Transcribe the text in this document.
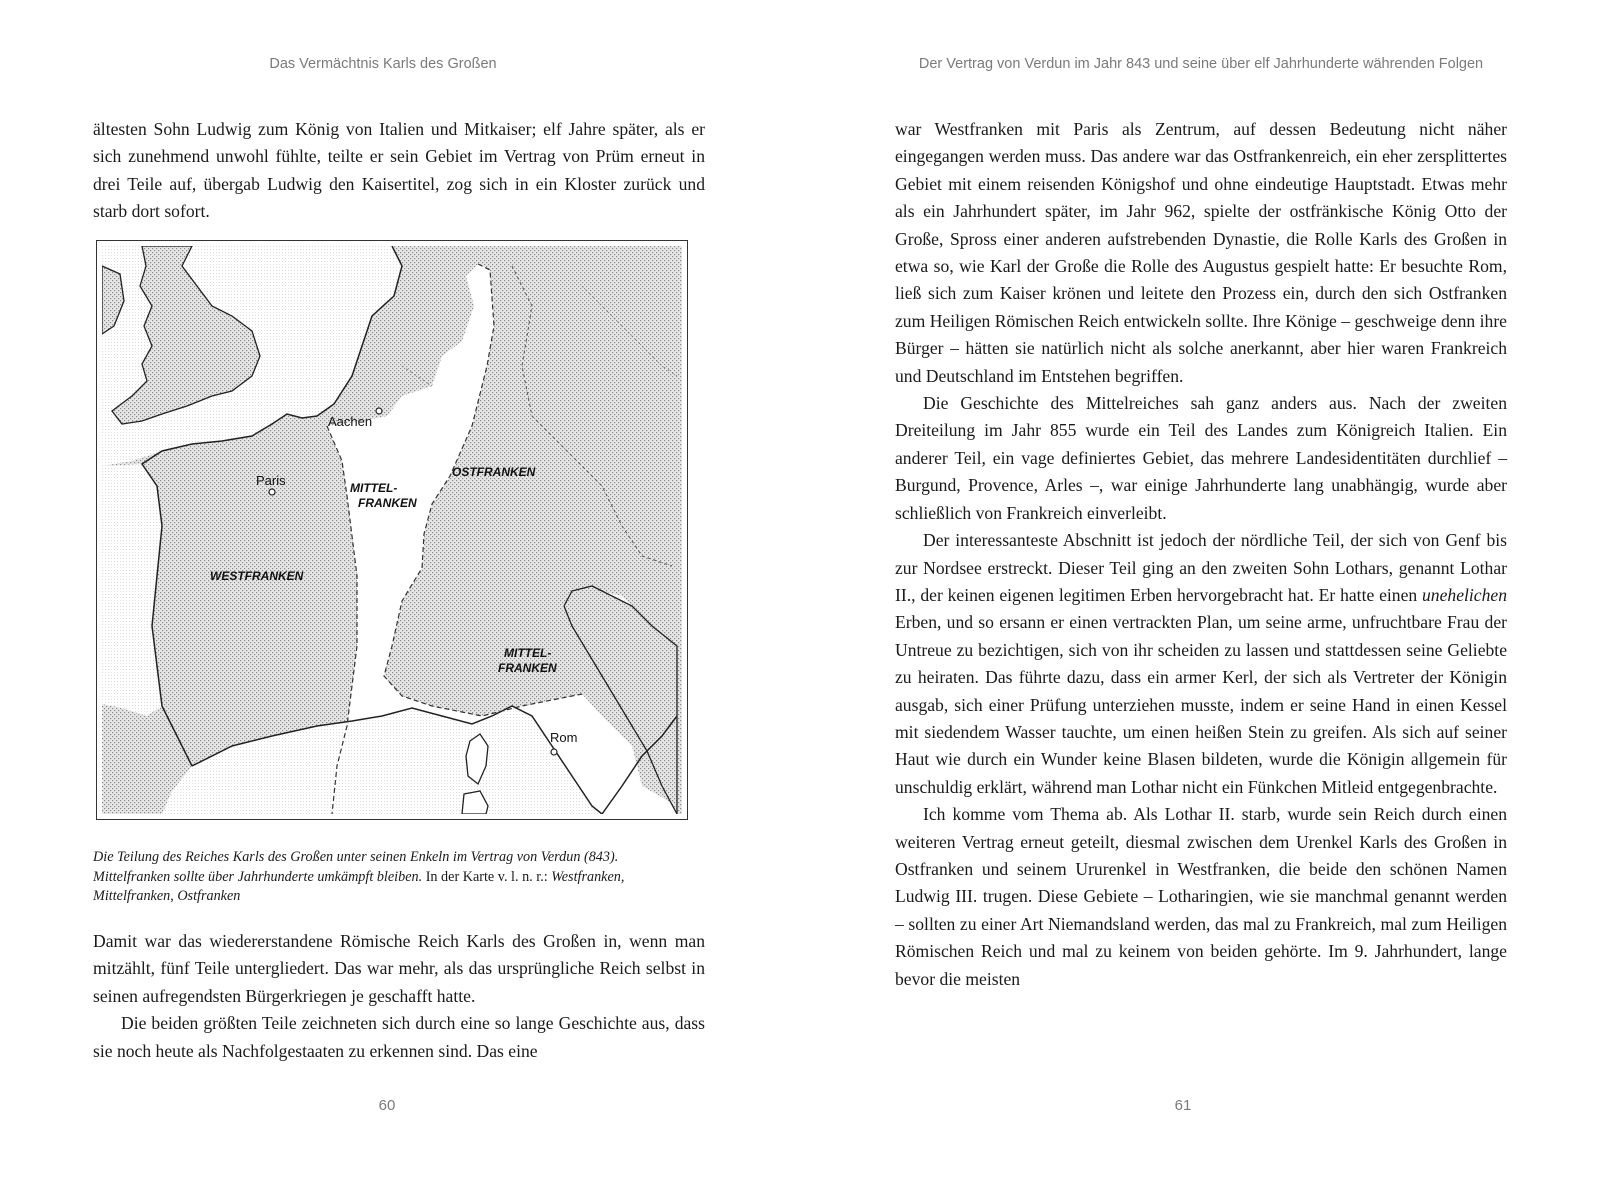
Das Vermächtnis Karls des Großen

ältesten Sohn Ludwig zum König von Italien und Mitkaiser; elf Jahre später, als er sich zunehmend unwohl fühlte, teilte er sein Gebiet im Vertrag von Prüm erneut in drei Teile auf, übergab Ludwig den Kaisertitel, zog sich in ein Kloster zurück und starb dort sofort.

Aachen
Paris
Rom
WESTFRANKEN
OSTFRANKEN
MITTEL-
FRANKEN
MITTEL-
FRANKEN
Die Teilung des Reiches Karls des Großen unter seinen Enkeln im Vertrag von Verdun (843). Mittelfranken sollte über Jahrhunderte umkämpft bleiben. In der Karte v. l. n. r.: Westfranken, Mittelfranken, Ostfranken

Damit war das wiedererstandene Römische Reich Karls des Großen in, wenn man mitzählt, fünf Teile untergliedert. Das war mehr, als das ursprüngliche Reich selbst in seinen aufregendsten Bürgerkriegen je geschafft hatte.

Die beiden größten Teile zeichneten sich durch eine so lange Geschichte aus, dass sie noch heute als Nachfolgestaaten zu erkennen sind. Das eine

60
Der Vertrag von Verdun im Jahr 843 und seine über elf Jahrhunderte währenden Folgen

war Westfranken mit Paris als Zentrum, auf dessen Bedeutung nicht näher eingegangen werden muss. Das andere war das Ostfrankenreich, ein eher zersplittertes Gebiet mit einem reisenden Königshof und ohne eindeutige Hauptstadt. Etwas mehr als ein Jahrhundert später, im Jahr 962, spielte der ostfränkische König Otto der Große, Spross einer anderen aufstrebenden Dynastie, die Rolle Karls des Großen in etwa so, wie Karl der Große die Rolle des Augustus gespielt hatte: Er besuchte Rom, ließ sich zum Kaiser krönen und leitete den Prozess ein, durch den sich Ostfranken zum Heiligen Römischen Reich entwickeln sollte. Ihre Könige – geschweige denn ihre Bürger – hätten sie natürlich nicht als solche anerkannt, aber hier waren Frankreich und Deutschland im Entstehen begriffen.

Die Geschichte des Mittelreiches sah ganz anders aus. Nach der zweiten Dreiteilung im Jahr 855 wurde ein Teil des Landes zum Königreich Italien. Ein anderer Teil, ein vage definiertes Gebiet, das mehrere Landesidentitäten durchlief – Burgund, Provence, Arles –, war einige Jahrhunderte lang unabhängig, wurde aber schließlich von Frankreich einverleibt.

Der interessanteste Abschnitt ist jedoch der nördliche Teil, der sich von Genf bis zur Nordsee erstreckt. Dieser Teil ging an den zweiten Sohn Lothars, genannt Lothar II., der keinen eigenen legitimen Erben hervorgebracht hat. Er hatte einen unehelichen Erben, und so ersann er einen vertrackten Plan, um seine arme, unfruchtbare Frau der Untreue zu bezichtigen, sich von ihr scheiden zu lassen und stattdessen seine Geliebte zu heiraten. Das führte dazu, dass ein armer Kerl, der sich als Vertreter der Königin ausgab, sich einer Prüfung unterziehen musste, indem er seine Hand in einen Kessel mit siedendem Wasser tauchte, um einen heißen Stein zu greifen. Als sich auf seiner Haut wie durch ein Wunder keine Blasen bildeten, wurde die Königin allgemein für unschuldig erklärt, während man Lothar nicht ein Fünkchen Mitleid entgegenbrachte.

Ich komme vom Thema ab. Als Lothar II. starb, wurde sein Reich durch einen weiteren Vertrag erneut geteilt, diesmal zwischen dem Urenkel Karls des Großen in Ostfranken und seinem Ururenkel in Westfranken, die beide den schönen Namen Ludwig III. trugen. Diese Gebiete – Lotharingien, wie sie manchmal genannt werden – sollten zu einer Art Niemandsland werden, das mal zu Frankreich, mal zum Heiligen Römischen Reich und mal zu keinem von beiden gehörte. Im 9. Jahrhundert, lange bevor die meisten

61
